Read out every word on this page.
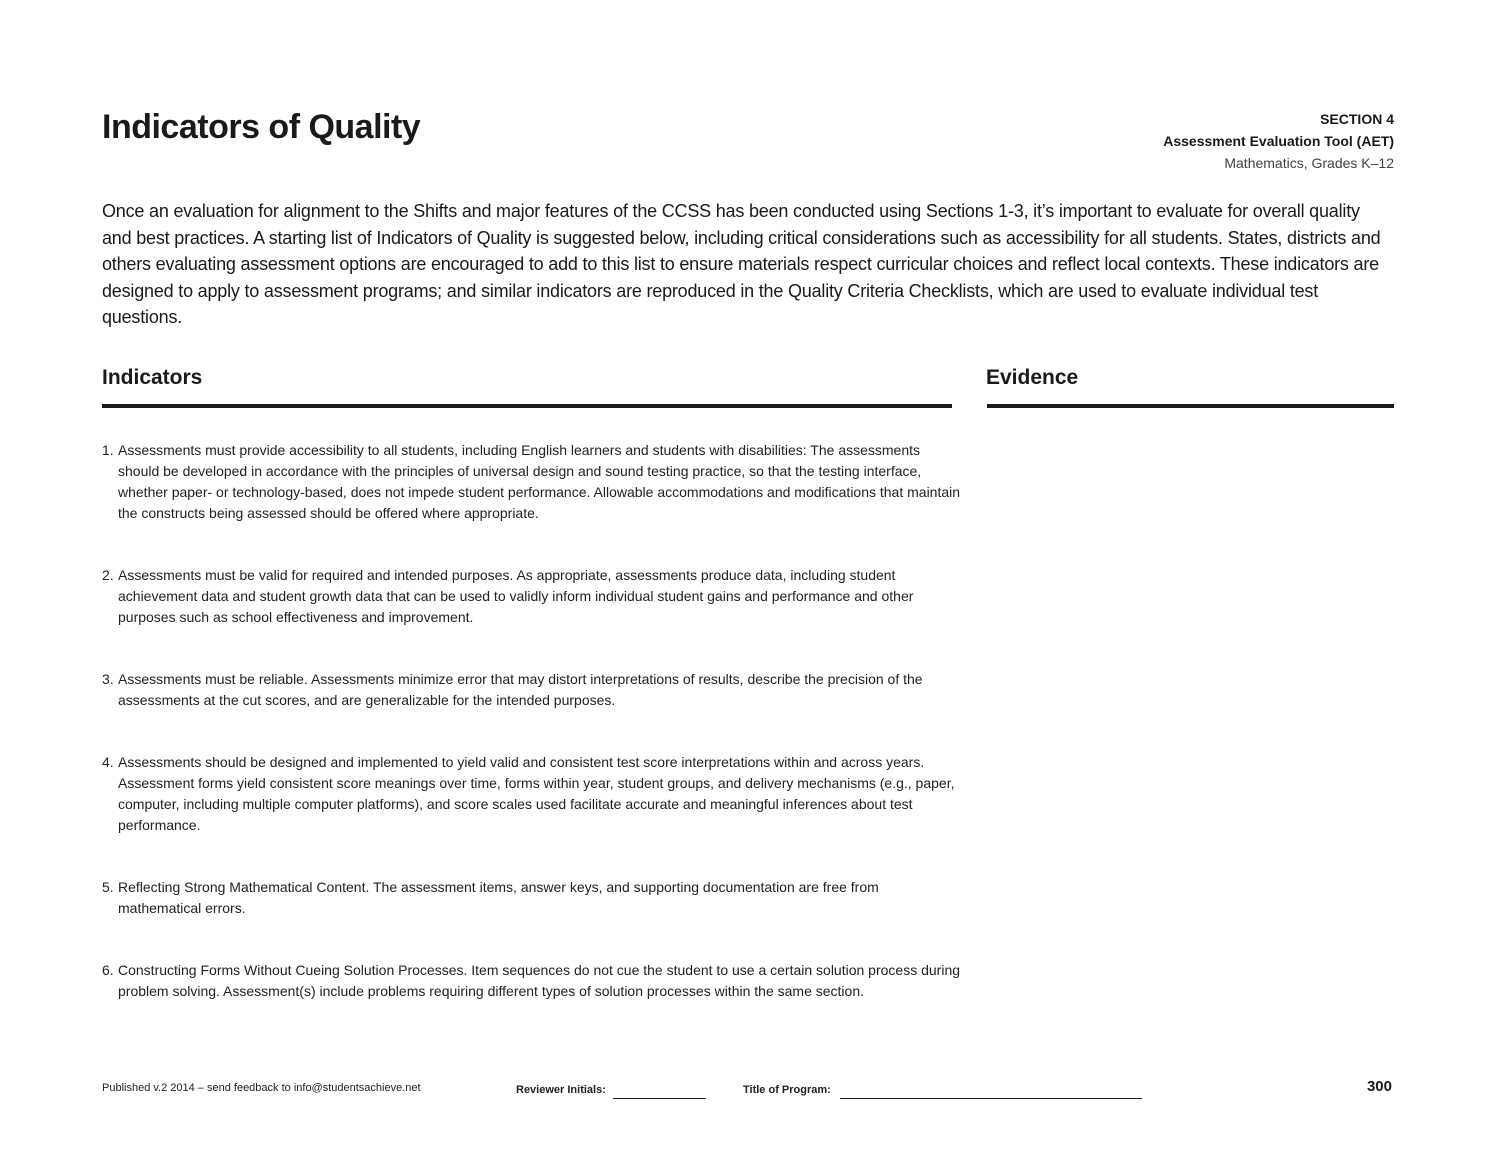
Indicators of Quality	SECTION 4
Assessment Evaluation Tool (AET)
Mathematics, Grades K–12

Once an evaluation for alignment to the Shifts and major features of the CCSS has been conducted using Sections 1-3, it’s important to evaluate for overall quality and best practices. A starting list of Indicators of Quality is suggested below, including critical considerations such as accessibility for all students. States, districts and others evaluating assessment options are encouraged to add to this list to ensure materials respect curricular choices and reflect local contexts. These indicators are designed to apply to assessment programs; and similar indicators are reproduced in the Quality Criteria Checklists, which are used to evaluate individual test questions.

Indicators	Evidence
1. Assessments must provide accessibility to all students, including English learners and students with disabilities: The assessments should be developed in accordance with the principles of universal design and sound testing practice, so that the testing interface, whether paper- or technology-based, does not impede student performance. Allowable accommodations and modifications that maintain the constructs being assessed should be offered where appropriate.
2. Assessments must be valid for required and intended purposes. As appropriate, assessments produce data, including student achievement data and student growth data that can be used to validly inform individual student gains and performance and other purposes such as school effectiveness and improvement.
3. Assessments must be reliable. Assessments minimize error that may distort interpretations of results, describe the precision of the assessments at the cut scores, and are generalizable for the intended purposes.
4. Assessments should be designed and implemented to yield valid and consistent test score interpretations within and across years. Assessment forms yield consistent score meanings over time, forms within year, student groups, and delivery mechanisms (e.g., paper, computer, including multiple computer platforms), and score scales used facilitate accurate and meaningful inferences about test performance.
5. Reflecting Strong Mathematical Content. The assessment items, answer keys, and supporting documentation are free from mathematical errors.
6. Constructing Forms Without Cueing Solution Processes. Item sequences do not cue the student to use a certain solution process during problem solving. Assessment(s) include problems requiring different types of solution processes within the same section.
Published v.2 2014 – send feedback to info@studentsachieve.net	Reviewer Initials:	Title of Program:	300
